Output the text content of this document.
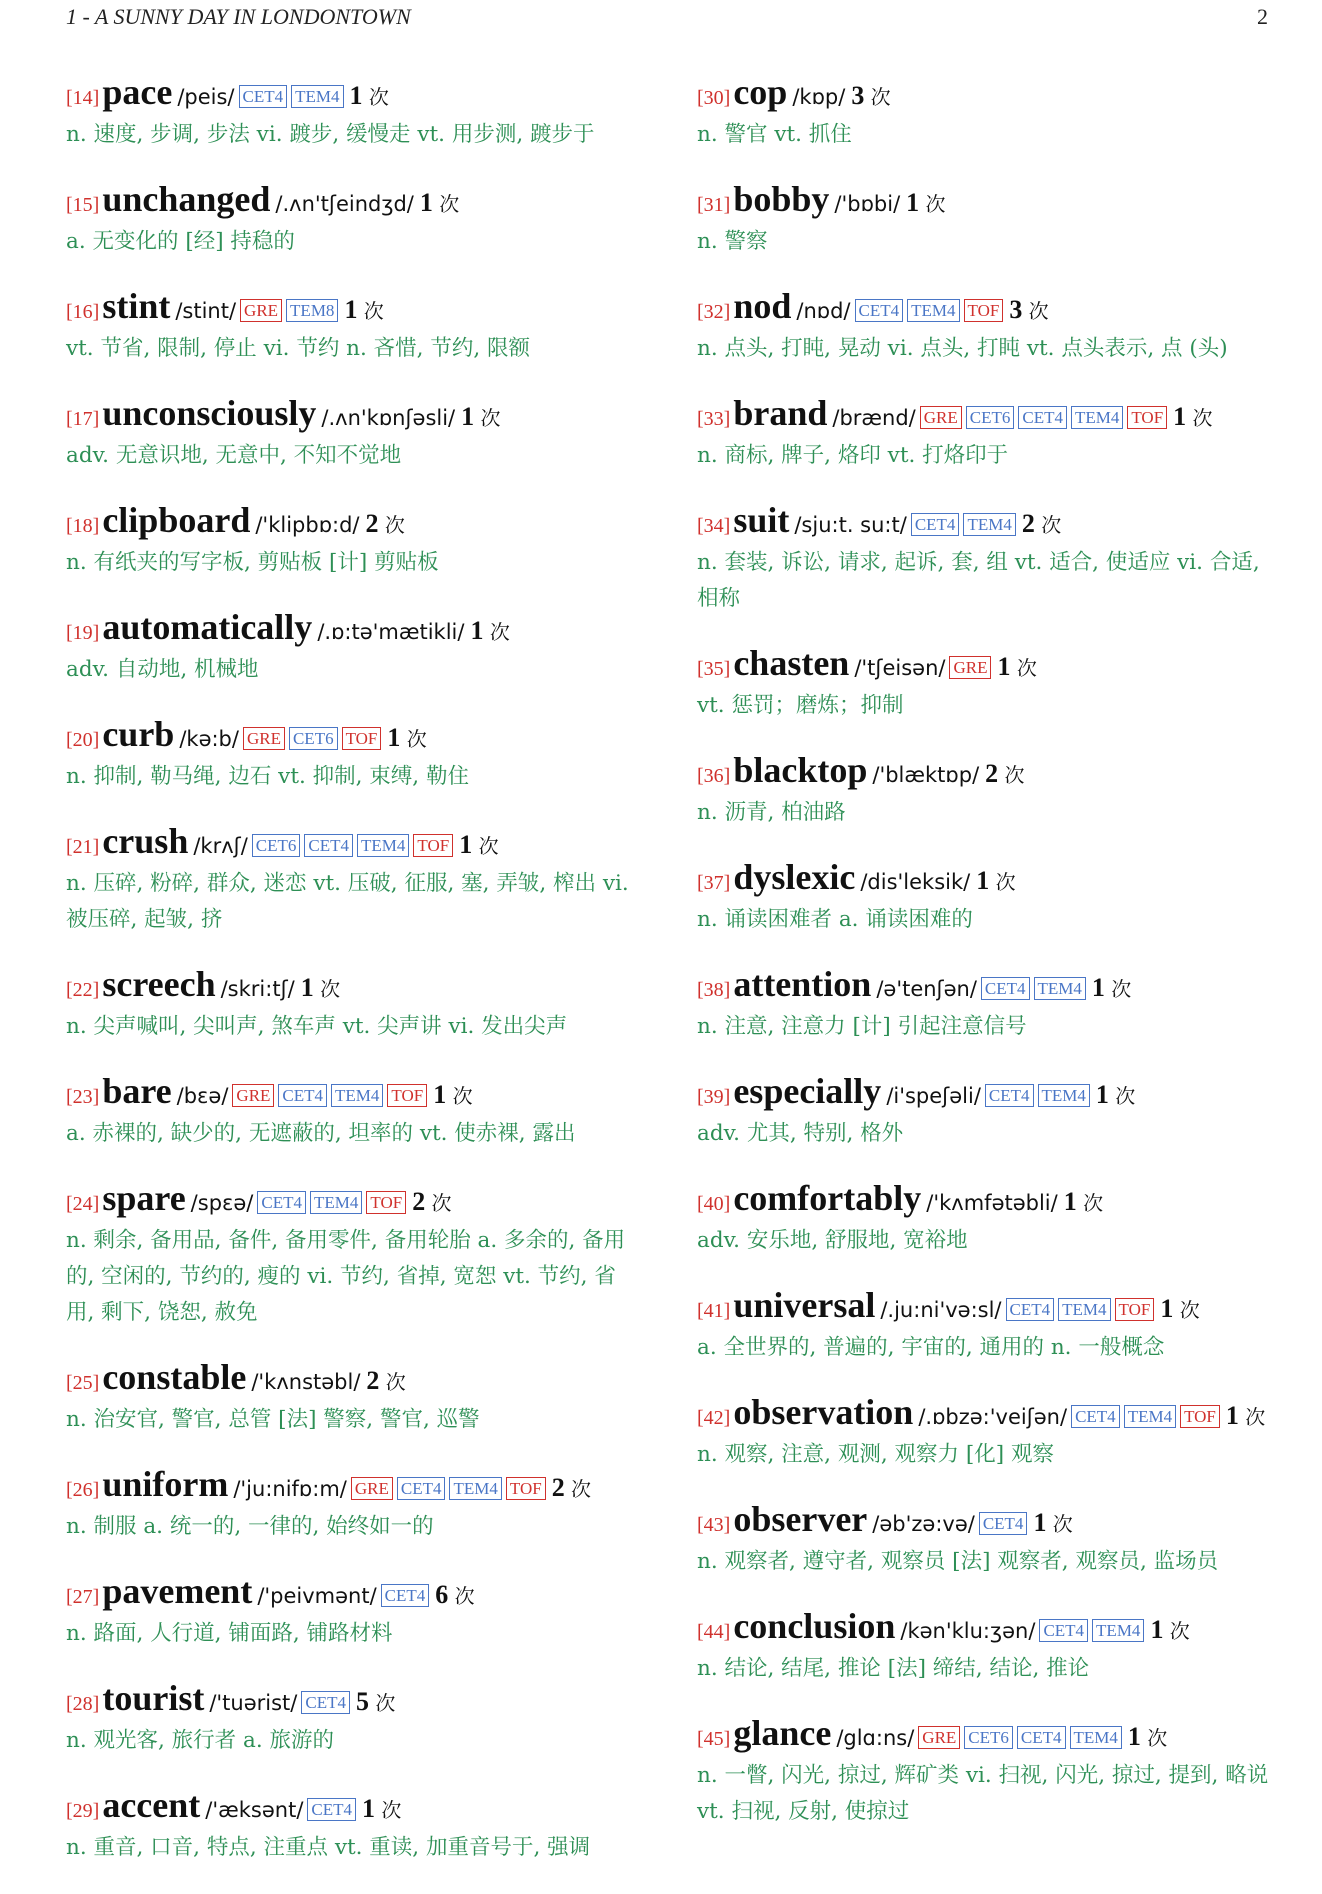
1 - A SUNNY DAY IN LONDONTOWN	2
[14]pace /peis/ CET4 TEM4 1 次
n. 速度, 步调, 步法 vi. 踱步, 缓慢走 vt. 用步测, 踱步于
[15]unchanged /.ʌn'tʃeindʒd/ 1 次
a. 无变化的 [经] 持稳的
[16]stint /stint/ GRE TEM8 1 次
vt. 节省, 限制, 停止 vi. 节约 n. 吝惜, 节约, 限额
[17]unconsciously /.ʌn'kɒnʃəsli/ 1 次
adv. 无意识地, 无意中, 不知不觉地
[18]clipboard /'klipbɒ:d/ 2 次
n. 有纸夹的写字板, 剪贴板 [计] 剪贴板
[19]automatically /.ɒ:tə'mætikli/ 1 次
adv. 自动地, 机械地
[20]curb /kə:b/ GRE CET6 TOF 1 次
n. 抑制, 勒马绳, 边石 vt. 抑制, 束缚, 勒住
[21]crush /krʌʃ/ CET6 CET4 TEM4 TOF 1 次
n. 压碎, 粉碎, 群众, 迷恋 vt. 压破, 征服, 塞, 弄皱, 榨出 vi. 被压碎, 起皱, 挤
[22]screech /skri:tʃ/ 1 次
n. 尖声喊叫, 尖叫声, 煞车声 vt. 尖声讲 vi. 发出尖声
[23]bare /bɛə/ GRE CET4 TEM4 TOF 1 次
a. 赤裸的, 缺少的, 无遮蔽的, 坦率的 vt. 使赤裸, 露出
[24]spare /spɛə/ CET4 TEM4 TOF 2 次
n. 剩余, 备用品, 备件, 备用零件, 备用轮胎 a. 多余的, 备用的, 空闲的, 节约的, 瘦的 vi. 节约, 省掉, 宽恕 vt. 节约, 省用, 剩下, 饶恕, 赦免
[25]constable /'kʌnstəbl/ 2 次
n. 治安官, 警官, 总管 [法] 警察, 警官, 巡警
[26]uniform /'ju:nifɒ:m/ GRE CET4 TEM4 TOF 2 次
n. 制服 a. 统一的, 一律的, 始终如一的
[27]pavement /'peivmənt/ CET4 6 次
n. 路面, 人行道, 铺面路, 铺路材料
[28]tourist /'tuərist/ CET4 5 次
n. 观光客, 旅行者 a. 旅游的
[29]accent /'æksənt/ CET4 1 次
n. 重音, 口音, 特点, 注重点 vt. 重读, 加重音号于, 强调
[30]cop /kɒp/ 3 次
n. 警官 vt. 抓住
[31]bobby /'bɒbi/ 1 次
n. 警察
[32]nod /nɒd/ CET4 TEM4 TOF 3 次
n. 点头, 打盹, 晃动 vi. 点头, 打盹 vt. 点头表示, 点 (头)
[33]brand /brænd/ GRE CET6 CET4 TEM4 TOF 1 次
n. 商标, 牌子, 烙印 vt. 打烙印于
[34]suit /sju:t. su:t/ CET4 TEM4 2 次
n. 套装, 诉讼, 请求, 起诉, 套, 组 vt. 适合, 使适应 vi. 合适, 相称
[35]chasten /'tʃeisən/ GRE 1 次
vt. 惩罚；磨炼；抑制
[36]blacktop /'blæktɒp/ 2 次
n. 沥青, 柏油路
[37]dyslexic /dis'leksik/ 1 次
n. 诵读困难者 a. 诵读困难的
[38]attention /ə'tenʃən/ CET4 TEM4 1 次
n. 注意, 注意力 [计] 引起注意信号
[39]especially /i'speʃəli/ CET4 TEM4 1 次
adv. 尤其, 特别, 格外
[40]comfortably /'kʌmfətəbli/ 1 次
adv. 安乐地, 舒服地, 宽裕地
[41]universal /.ju:ni'və:sl/ CET4 TEM4 TOF 1 次
a. 全世界的, 普遍的, 宇宙的, 通用的 n. 一般概念
[42]observation /.ɒbzə:'veiʃən/ CET4 TEM4 TOF 1 次
n. 观察, 注意, 观测, 观察力 [化] 观察
[43]observer /əb'zə:və/ CET4 1 次
n. 观察者, 遵守者, 观察员 [法] 观察者, 观察员, 监场员
[44]conclusion /kən'klu:ʒən/ CET4 TEM4 1 次
n. 结论, 结尾, 推论 [法] 缔结, 结论, 推论
[45]glance /glɑ:ns/ GRE CET6 CET4 TEM4 1 次
n. 一瞥, 闪光, 掠过, 辉矿类 vi. 扫视, 闪光, 掠过, 提到, 略说 vt. 扫视, 反射, 使掠过
